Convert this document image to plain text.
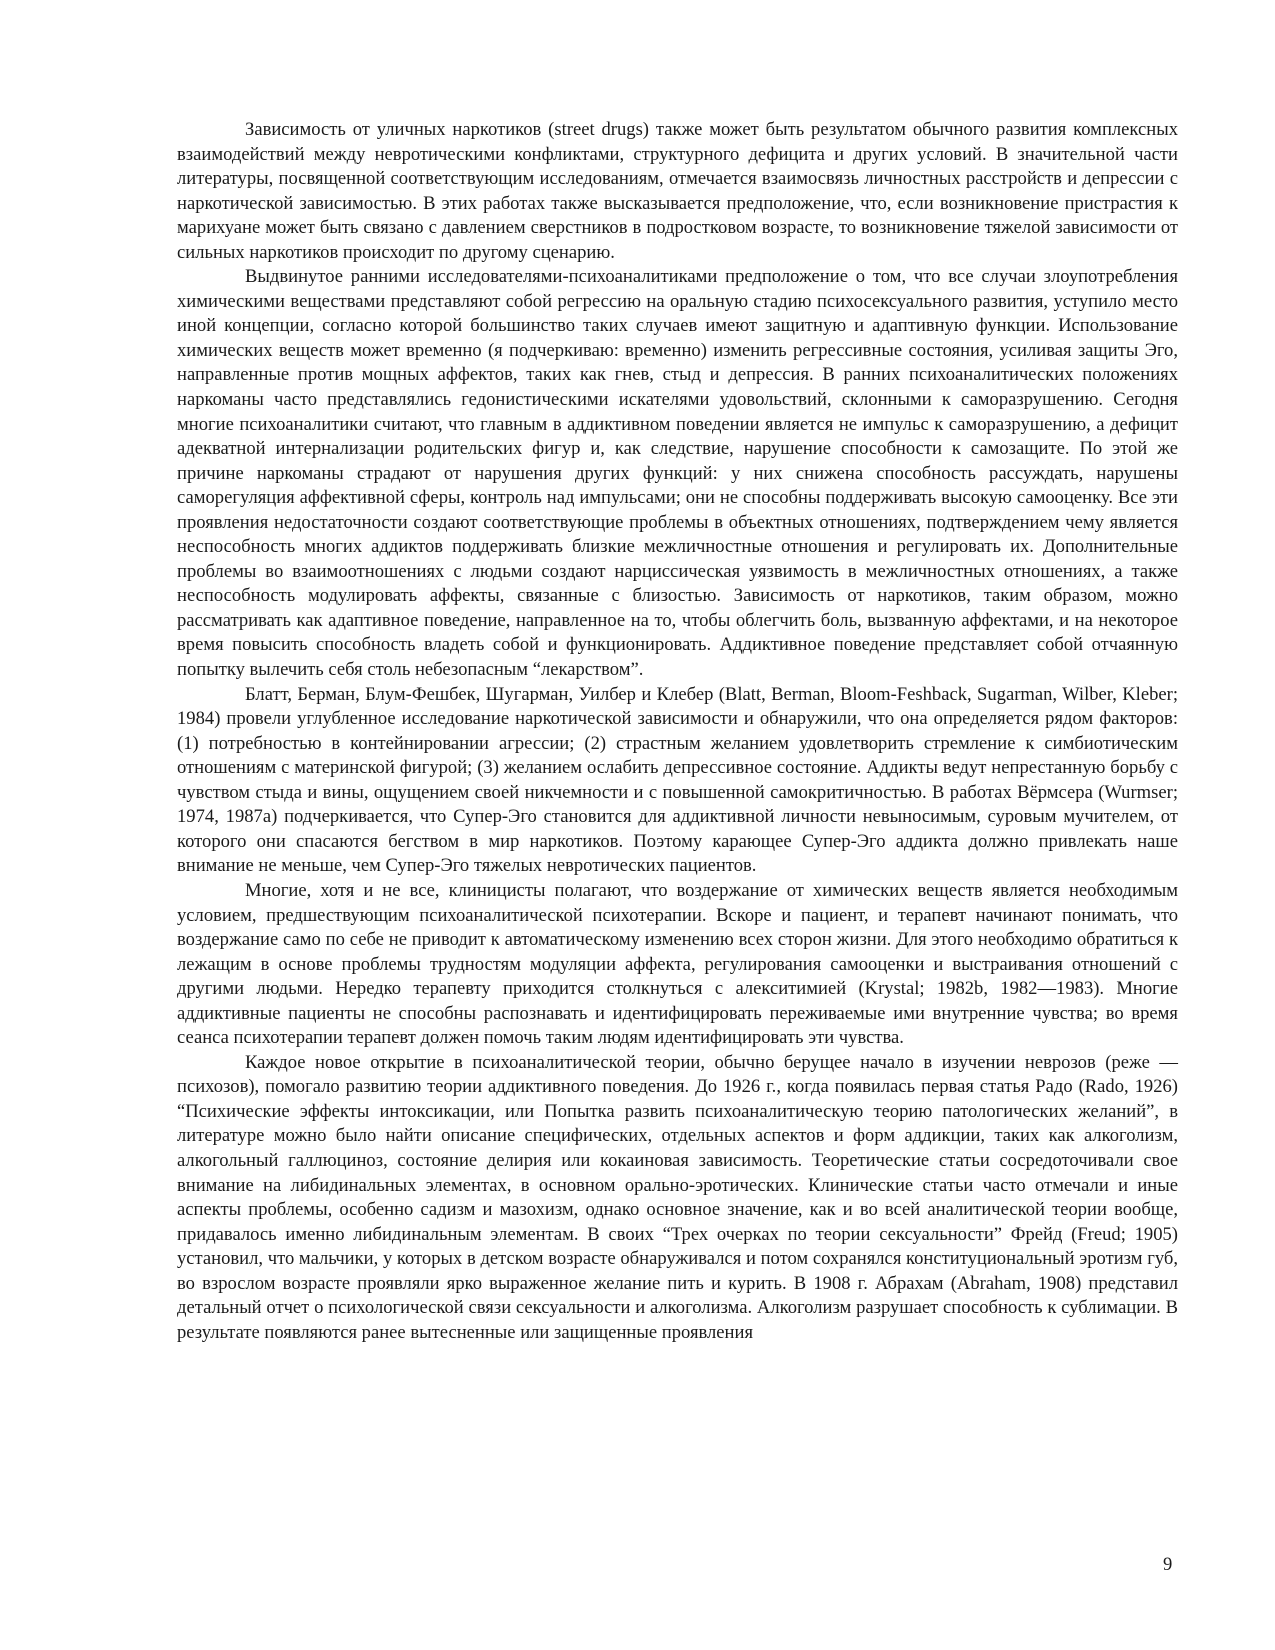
Зависимость от уличных наркотиков (street drugs) также может быть результатом обычного развития комплексных взаимодействий между невротическими конфликтами, структурного дефицита и других условий. В значительной части литературы, посвященной соответствующим исследованиям, отмечается взаимосвязь личностных расстройств и депрессии с наркотической зависимостью. В этих работах также высказывается предположение, что, если возникновение пристрастия к марихуане может быть связано с давлением сверстников в подростковом возрасте, то возникновение тяжелой зависимости от сильных наркотиков происходит по другому сценарию.

Выдвинутое ранними исследователями-психоаналитиками предположение о том, что все случаи злоупотребления химическими веществами представляют собой регрессию на оральную стадию психосексуального развития, уступило место иной концепции, согласно которой большинство таких случаев имеют защитную и адаптивную функции. Использование химических веществ может временно (я подчеркиваю: временно) изменить регрессивные состояния, усиливая защиты Эго, направленные против мощных аффектов, таких как гнев, стыд и депрессия. В ранних психоаналитических положениях наркоманы часто представлялись гедонистическими искателями удовольствий, склонными к саморазрушению. Сегодня многие психоаналитики считают, что главным в аддиктивном поведении является не импульс к саморазрушению, а дефицит адекватной интернализации родительских фигур и, как следствие, нарушение способности к самозащите. По этой же причине наркоманы страдают от нарушения других функций: у них снижена способность рассуждать, нарушены саморегуляция аффективной сферы, контроль над импульсами; они не способны поддерживать высокую самооценку. Все эти проявления недостаточности создают соответствующие проблемы в объектных отношениях, подтверждением чему является неспособность многих аддиктов поддерживать близкие межличностные отношения и регулировать их. Дополнительные проблемы во взаимоотношениях с людьми создают нарциссическая уязвимость в межличностных отношениях, а также неспособность модулировать аффекты, связанные с близостью. Зависимость от наркотиков, таким образом, можно рассматривать как адаптивное поведение, направленное на то, чтобы облегчить боль, вызванную аффектами, и на некоторое время повысить способность владеть собой и функционировать. Аддиктивное поведение представляет собой отчаянную попытку вылечить себя столь небезопасным “лекарством”.

Блатт, Берман, Блум-Фешбек, Шугарман, Уилбер и Клебер (Blatt, Berman, Bloom-Feshback, Sugarman, Wilber, Kleber; 1984) провели углубленное исследование наркотической зависимости и обнаружили, что она определяется рядом факторов: (1) потребностью в контейнировании агрессии; (2) страстным желанием удовлетворить стремление к симбиотическим отношениям с материнской фигурой; (3) желанием ослабить депрессивное состояние. Аддикты ведут непрестанную борьбу с чувством стыда и вины, ощущением своей никчемности и с повышенной самокритичностью. В работах Вёрмсера (Wurmser; 1974, 1987a) подчеркивается, что Супер-Эго становится для аддиктивной личности невыносимым, суровым мучителем, от которого они спасаются бегством в мир наркотиков. Поэтому карающее Супер-Эго аддикта должно привлекать наше внимание не меньше, чем Супер-Эго тяжелых невротических пациентов.

Многие, хотя и не все, клиницисты полагают, что воздержание от химических веществ является необходимым условием, предшествующим психоаналитической психотерапии. Вскоре и пациент, и терапевт начинают понимать, что воздержание само по себе не приводит к автоматическому изменению всех сторон жизни. Для этого необходимо обратиться к лежащим в основе проблемы трудностям модуляции аффекта, регулирования самооценки и выстраивания отношений с другими людьми. Нередко терапевту приходится столкнуться с алекситимией (Krystal; 1982b, 1982—1983). Многие аддиктивные пациенты не способны распознавать и идентифицировать переживаемые ими внутренние чувства; во время сеанса психотерапии терапевт должен помочь таким людям идентифицировать эти чувства.

Каждое новое открытие в психоаналитической теории, обычно берущее начало в изучении неврозов (реже — психозов), помогало развитию теории аддиктивного поведения. До 1926 г., когда появилась первая статья Радо (Rado, 1926) “Психические эффекты интоксикации, или Попытка развить психоаналитическую теорию патологических желаний”, в литературе можно было найти описание специфических, отдельных аспектов и форм аддикции, таких как алкоголизм, алкогольный галлюциноз, состояние делирия или кокаиновая зависимость. Теоретические статьи сосредоточивали свое внимание на либидинальных элементах, в основном орально-эротических. Клинические статьи часто отмечали и иные аспекты проблемы, особенно садизм и мазохизм, однако основное значение, как и во всей аналитической теории вообще, придавалось именно либидинальным элементам. В своих “Трех очерках по теории сексуальности” Фрейд (Freud; 1905) установил, что мальчики, у которых в детском возрасте обнаруживался и потом сохранялся конституциональный эротизм губ, во взрослом возрасте проявляли ярко выраженное желание пить и курить. В 1908 г. Абрахам (Abraham, 1908) представил детальный отчет о психологической связи сексуальности и алкоголизма. Алкоголизм разрушает способность к сублимации. В результате появляются ранее вытесненные или защищенные проявления

9
